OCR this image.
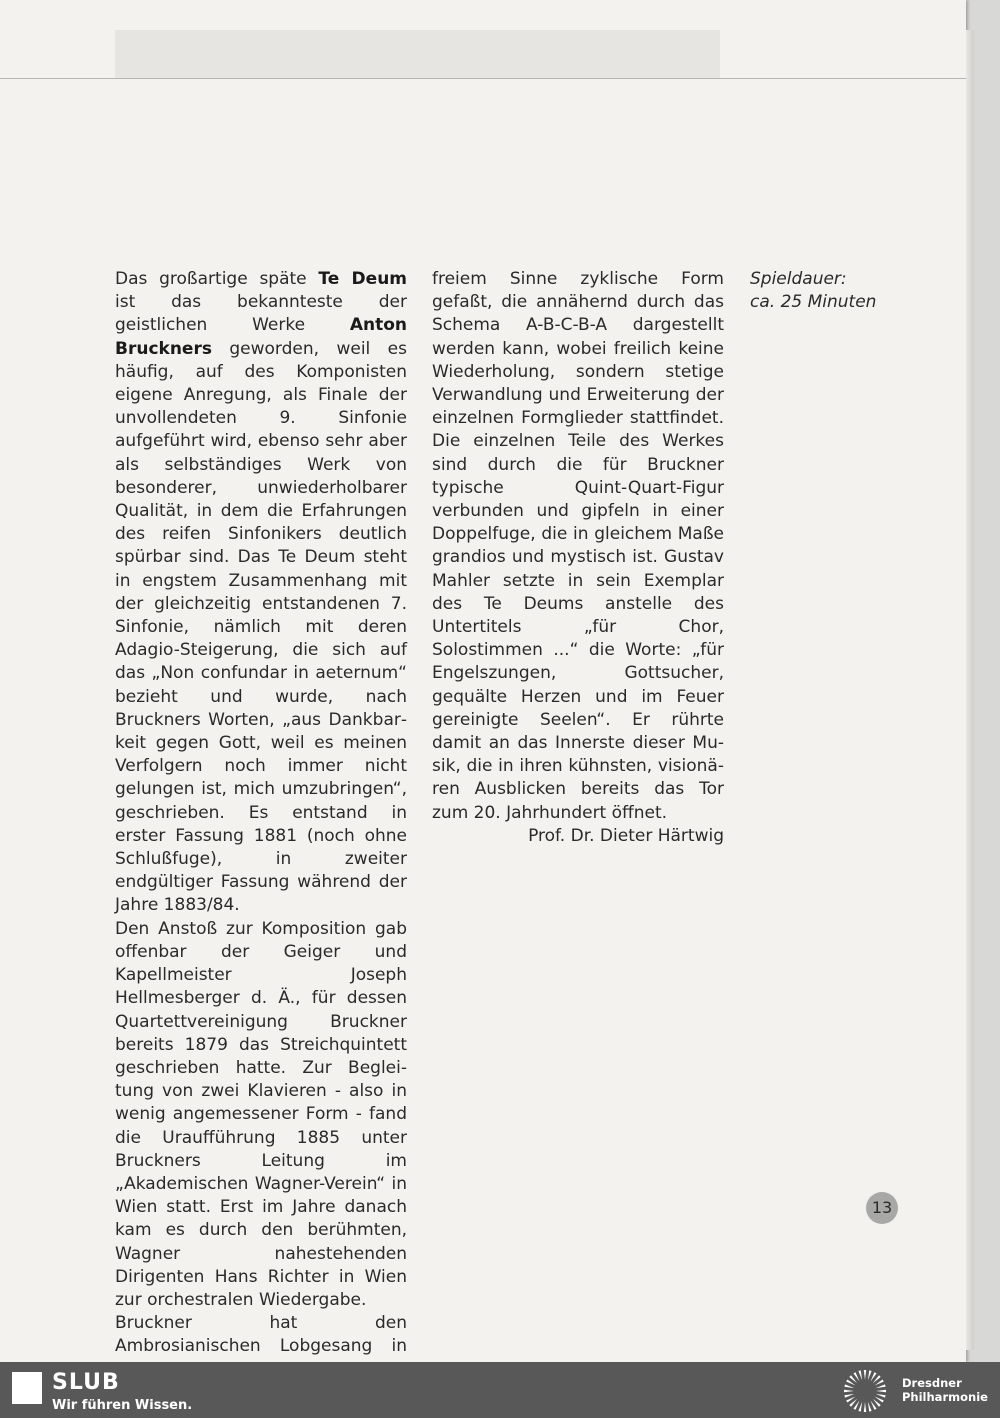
Das großartige späte Te Deum ist das bekannteste der geistlichen Werke Anton Bruckners geworden, weil es häufig, auf des Komponisten eigene Anregung, als Finale der unvollendeten 9. Sinfonie aufgeführt wird, ebenso sehr aber als selbständiges Werk von besonderer, unwiederholbarer Qualität, in dem die Erfahrungen des reifen Sinfonikers deutlich spürbar sind. Das Te Deum steht in engstem Zusammenhang mit der gleichzeitig entstandenen 7. Sinfonie, nämlich mit deren Adagio-Steigerung, die sich auf das „Non confundar in aeternum“ bezieht und wurde, nach Bruckners Worten, „aus Dankbarkeit gegen Gott, weil es meinen Verfolgern noch immer nicht gelungen ist, mich umzubringen“, geschrieben. Es entstand in erster Fassung 1881 (noch ohne Schlußfuge), in zweiter endgültiger Fassung während der Jahre 1883/84.

Den Anstoß zur Komposition gab offenbar der Geiger und Kapellmeister Joseph Hellmesberger d. Ä., für dessen Quartettvereinigung Bruckner bereits 1879 das Streichquintett geschrieben hatte. Zur Begleitung von zwei Klavieren - also in wenig angemessener Form - fand die Uraufführung 1885 unter Bruckners Leitung im „Akademischen Wagner-Verein“ in Wien statt. Erst im Jahre danach kam es durch den berühmten, Wagner nahestehenden Dirigenten Hans Richter in Wien zur orchestralen Wiedergabe.

Bruckner hat den Ambrosianischen Lobgesang in

freiem Sinne zyklische Form gefaßt, die annähernd durch das Schema A-B-C-B-A dargestellt werden kann, wobei freilich keine Wiederholung, sondern stetige Verwandlung und Erweiterung der einzelnen Formglieder stattfindet. Die einzelnen Teile des Werkes sind durch die für Bruckner typische Quint-Quart-Figur verbunden und gipfeln in einer Doppelfuge, die in gleichem Maße grandios und mystisch ist. Gustav Mahler setzte in sein Exemplar des Te Deums anstelle des Untertitels „für Chor, Solostimmen ...“ die Worte: „für Engelszungen, Gottsucher, gequälte Herzen und im Feuer gereinigte Seelen“. Er rührte damit an das Innerste dieser Musik, die in ihren kühnsten, visionären Ausblicken bereits das Tor zum 20. Jahrhundert öffnet.

Prof. Dr. Dieter Härtwig

Spieldauer:
ca. 25 Minuten
13
SLUB
Wir führen Wissen.
Dresdner
Philharmonie
